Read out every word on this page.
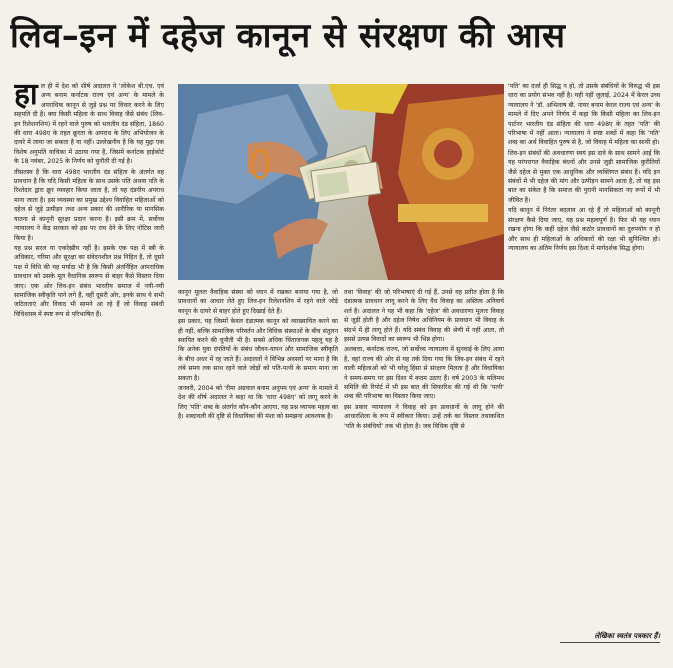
लिव–इन में दहेज कानून से संरक्षण की आस

हाल ही में देश को शीर्ष अदालत ने 'लोकेश बी.एच. एवं अन्य बनाम कर्नाटक राज्य एवं अन्य' के मामले के अपराधिक कानून से जुड़े प्रश्न पर विचार करने के लिए सहमति दी है। क्या किसी महिला के साथ विवाह जैसे संबंध (लिव-इन रिलेशनशिप) में रहने वाले पुरुष को भारतीय दंड संहिता, 1860 की धारा 498ए के तहत क्रूरता के अपराध के लिए अभियोजन के दायरे में लाया जा सकता है या नहीं। उल्लेखनीय है कि यह मुद्दा एक विशेष अनुमति याचिका में उठाया गया है, जिसमें कर्नाटक हाईकोर्ट के 18 नवंबर, 2025 के निर्णय को चुनौती दी गई है।

तीसतस्व है कि धारा 498ए भारतीय दंड संहिता के अंतर्गत वह प्रावधान है कि यदि किसी महिला के साथ उसके पति अथवा पति के रिश्तेदार द्वारा क्रूर व्यवहार किया जाता है, तो यह दंडनीय अपराध माना जाता है। इस व्यवस्था का प्रमुख उद्देश्य विवाहित महिलाओं को दहेज से जुड़े उत्पीड़न तथा अन्य प्रकार की शारीरिक या मानसिक यातना से कानूनी सुरक्षा प्रदान करना है। इसी क्रम में, सर्वोच्च न्यायालय ने केंद्र सरकार को इस पर राय देने के लिए नोटिस जारी किया है।

यह प्रश्न सरल या एकरेखीय नहीं है। इसके एक पक्ष में स्त्री के अधिकार, गरिमा और सुरक्षा का संवेदनशील प्रश्न निहित है, तो दूसरे पक्ष में विधि की यह मर्यादा भी है कि किसी अंतर्निहित आपराधिक प्रावधान को उसके मूल वैधानिक स्वरूप से बाहर कैसे विस्तार दिया जाए। एक ओर लिव-इन संबंध भारतीय समाज में नयी-नयी सामाजिक स्वीकृति पाने लगे हैं, वहीं दूसरी ओर, इनके साथ ये सभी जटिलताएं और विवाद भी सामने आ रहे हैं जो विवाह संबंधी विधिशास्त्र में स्पष्ट रूप से परिभाषित हैं।

कानून मूलतः वैवाहिक संस्था को ध्यान में रखकर बनाया गया है, जो प्रावधानों का आधार लेते हुए लिव-इन रिलेशनशिप में रहने वाले जोड़े कानून के दायरे से बाहर होते हुए दिखाई देते हैं।

इस प्रकार, यह जिस्मों केवल दंडात्मक कानून को व्याख्यायित करने का ही नहीं, बल्कि सामाजिक परिवर्तन और विधिक संस्थाओं के बीच संतुलन स्थापित करने की चुनौती भी है। सबसे अधिक चिंताजनक पहलू यह है कि अनेक युवा दंपतियों के संबंध जीवन-यापन और सामाजिक स्वीकृति के बीच अधर में रह जाते हैं। अदालतों ने विभिन्न अवसरों पर माना है कि लंबे समय तक साथ रहने वाले जोड़ों को पति-पत्नी के समान माना जा सकता है।

जनवरी, 2004 को 'रीमा अग्रवाल बनाम अनुपम एवं अन्य' के मामले में देश की शीर्ष अदालत ने कहा था कि 'धारा 498ए' को लागू करने के लिए 'पति' शब्द के अंतर्गत कौन-कौन आएगा, यह प्रश्न व्यापक महत्व का है। शब्दावली की दृष्टि से विधायिका की मंशा को समझना आवश्यक है।

तथा 'विवाह' की जो परिभाषाएं दी गई हैं, उनसे यह प्रतीत होता है कि दंडात्मक प्रावधान लागू करने के लिए वैध विवाह का अस्तित्व अनिवार्य शर्त है। अदालत ने यह भी कहा कि 'दहेज' की अवधारणा मूलतः विवाह से जुड़ी होती है और दहेज निषेध अधिनियम के प्रावधान भी विवाह के संदर्भ में ही लागू होते हैं। यदि संबंध विवाह की श्रेणी में नहीं आता, तो इससे उत्पन्न विवादों का स्वरूप भी भिन्न होगा।

अलबत्ता, कर्नाटक राज्य, जो सर्वोच्च न्यायालय में सुनवाई के लिए आया है, वहां राज्य की ओर से यह तर्क दिया गया कि लिव-इन संबंध में रहने वाली महिलाओं को भी घरेलू हिंसा से संरक्षण मिलता है और विधायिका ने समय-समय पर इस दिशा में कदम उठाए हैं। वर्ष 2003 के मलिमथ समिति की रिपोर्ट में भी इस बात की सिफारिश की गई थी कि 'पत्नी' शब्द की परिभाषा का विस्तार किया जाए।

इस प्रकार न्यायालय ने विवाह को इन प्रावधानों के लागू होने की आधारशिला के रूप में स्वीकार किया। उन्हें तर्क का विस्तार तथाकथित 'पति के संबंधियों' तक भी होता है। जब विधिक दृष्टि से

'पति' का दर्जा ही सिद्ध न हो, तो उसके संबंधियों के विरुद्ध भी इस धारा का प्रयोग संभव नहीं है। यही नहीं जुलाई, 2024 में केरल उच्च न्यायालय ने 'डॉ. अभिलाष बी. नायर बनाम केरल राज्य एवं अन्य' के मामले में दिए अपने निर्णय में कहा कि किसी महिला का लिव-इन पार्टनर भारतीय दंड संहिता की धारा 498ए के तहत 'पति' की परिभाषा में नहीं आता। न्यायालय ने स्पष्ट शब्दों में कहा कि 'पति' शब्द का अर्थ विवाहित पुरुष से है, जो विवाह में महिला का साथी हो।

लिव-इन संबंधों की अवधारणा स्वयं इस दावे के साथ सामने आई कि यह परंपरागत वैवाहिक बंधनों और उनसे जुड़ी सामाजिक कुरीतियों जैसे दहेज से मुक्त एक आधुनिक और व्यक्तिगत संबंध है। यदि इन संबंधों में भी दहेज की मांग और उत्पीड़न सामने आता है, तो यह इस बात का संकेत है कि समाज की पुरानी मानसिकता नए रूपों में भी जीवित है।

यदि कानून में निरंतर बदलाव आ रहे हैं तो महिलाओं को कानूनी संरक्षण कैसे दिया जाए, यह प्रश्न महत्वपूर्ण है। फिर भी यह ध्यान रखना होगा कि कहीं दहेज जैसे कठोर प्रावधानों का दुरुपयोग न हो और साथ ही महिलाओं के अधिकारों की रक्षा भी सुनिश्चित हो। न्यायालय का अंतिम निर्णय इस दिशा में मार्गदर्शक सिद्ध होगा।

लेखिका स्वतंत्र पत्रकार हैं।
